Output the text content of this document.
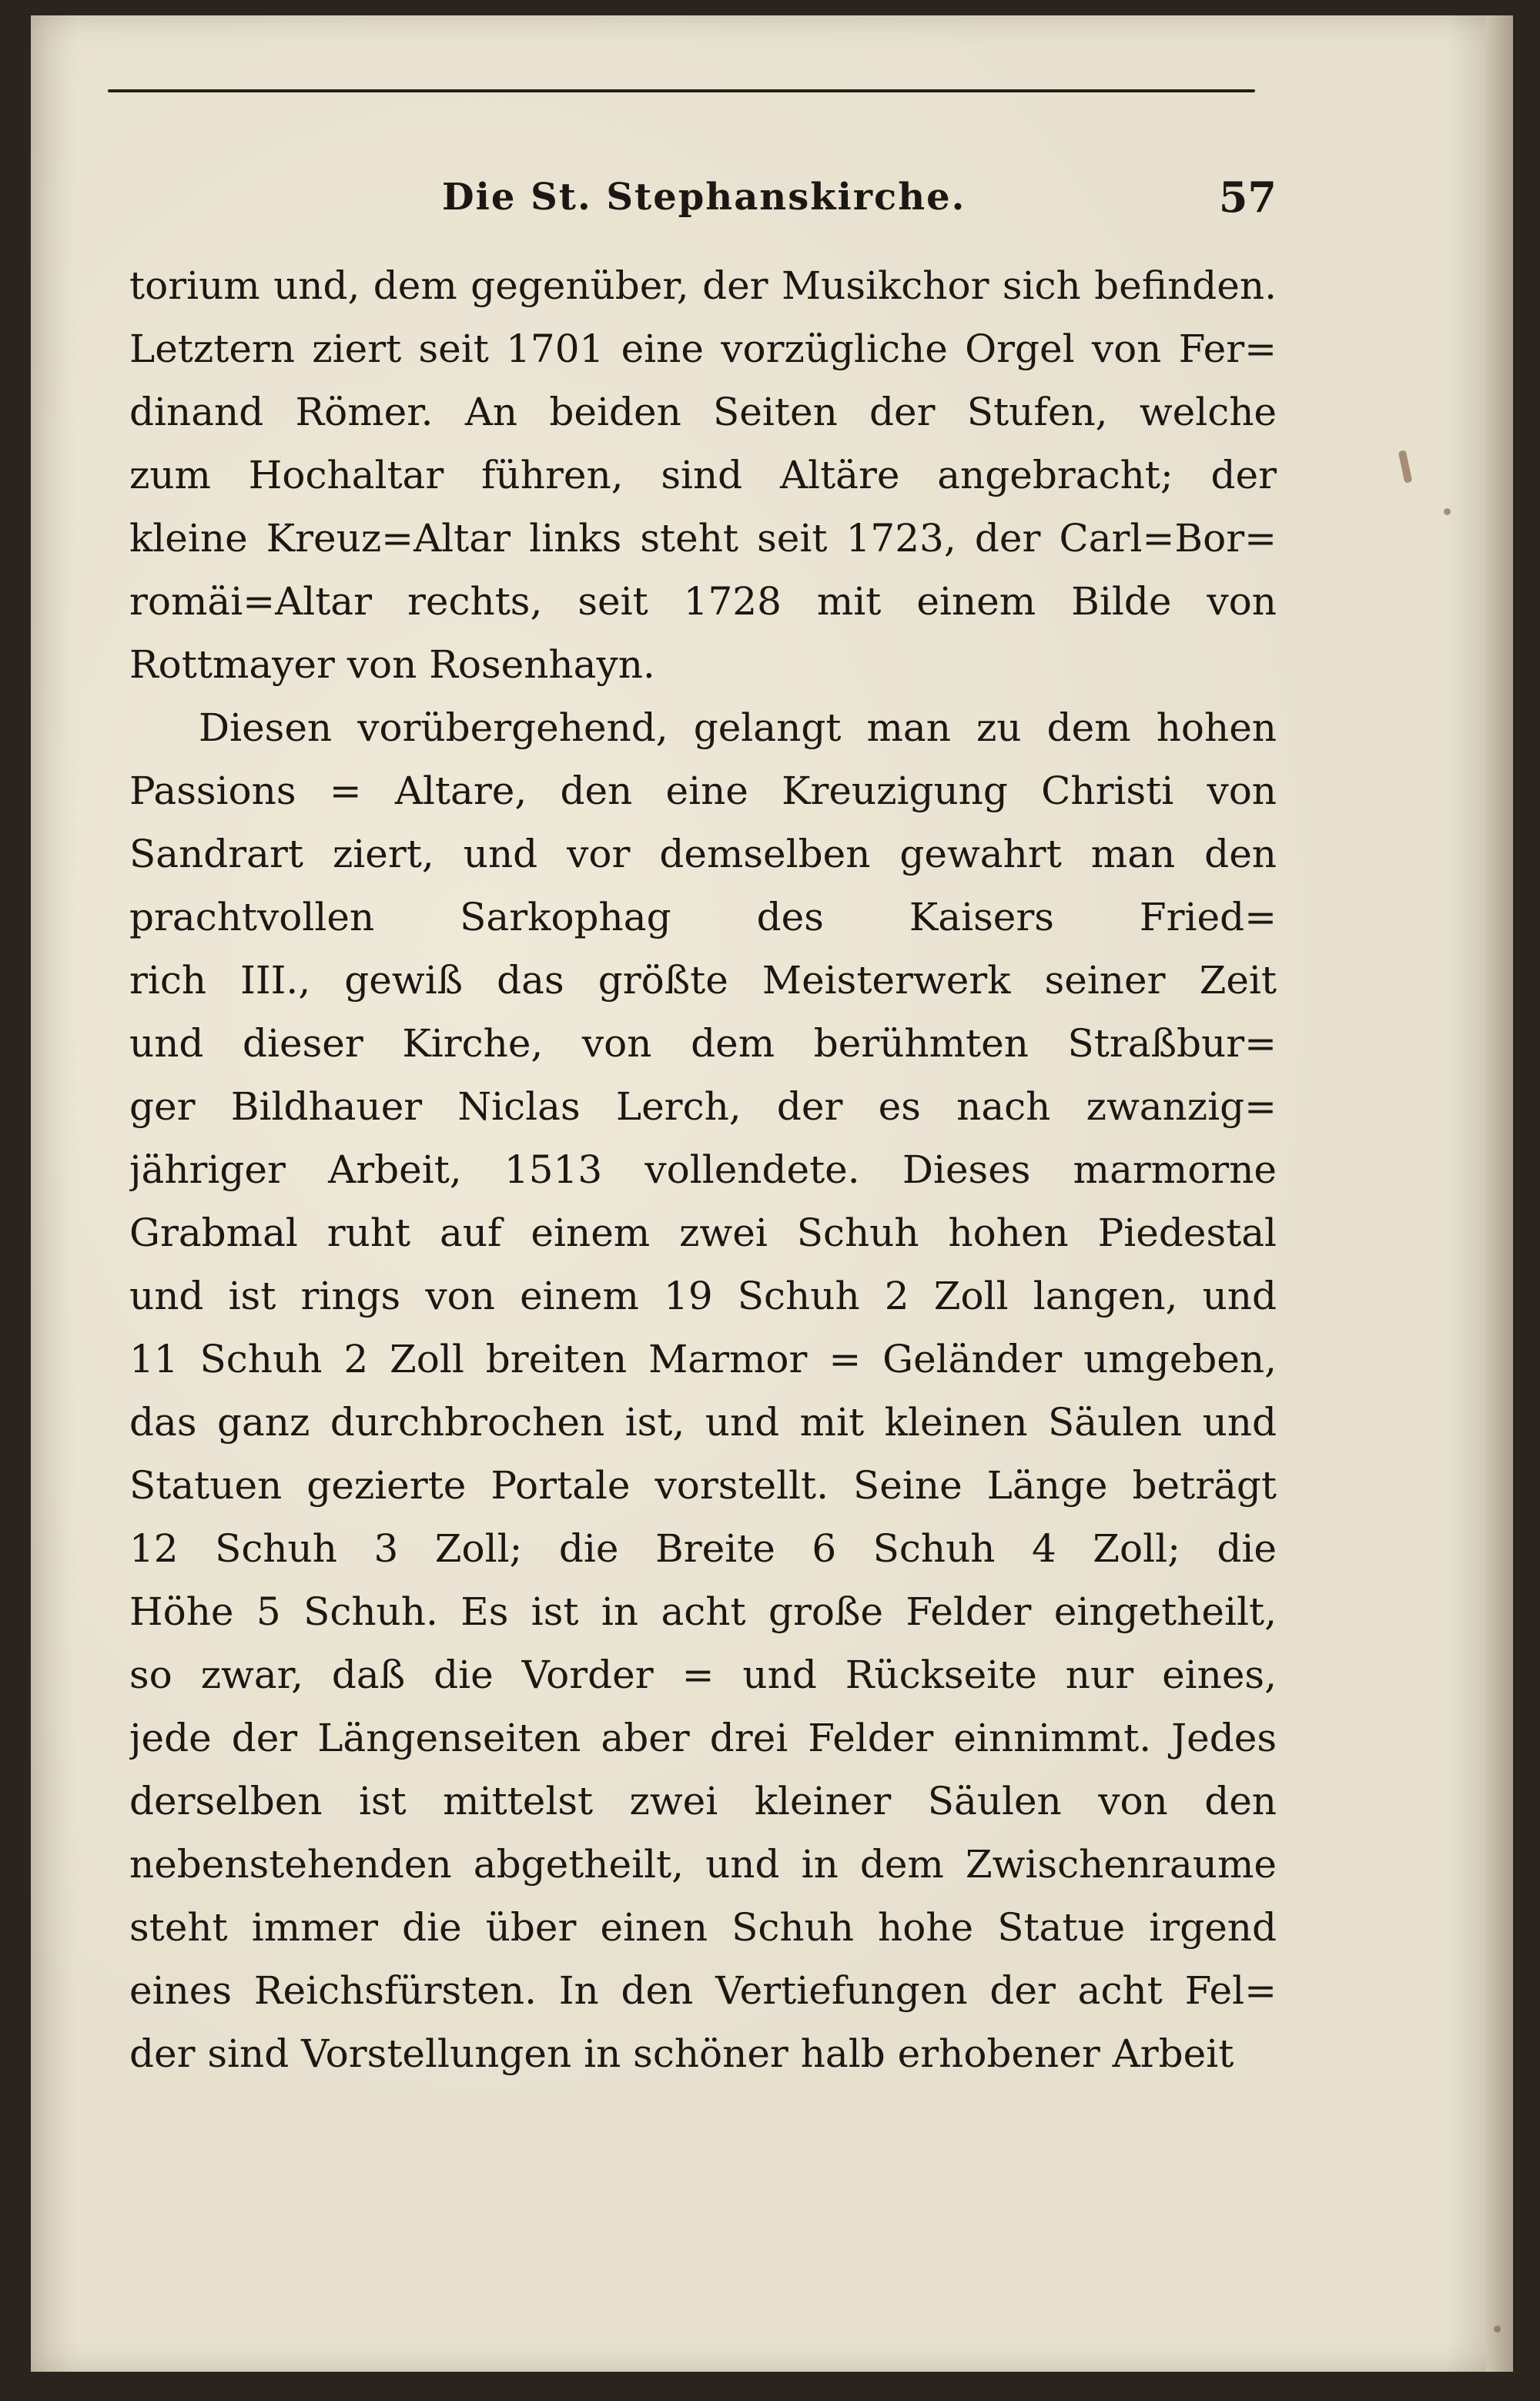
Die St. Stephanskirche.	57
torium und, dem gegenüber, der Musikchor sich befinden.
Letztern ziert seit 1701 eine vorzügliche Orgel von Fer=
dinand Römer. An beiden Seiten der Stufen, welche
zum Hochaltar führen, sind Altäre angebracht; der
kleine Kreuz=Altar links steht seit 1723, der Carl=Bor=
romäi=Altar rechts, seit 1728 mit einem Bilde von
Rottmayer von Rosenhayn.
Diesen vorübergehend, gelangt man zu dem hohen
Passions = Altare, den eine Kreuzigung Christi von
Sandrart ziert, und vor demselben gewahrt man den
prachtvollen Sarkophag des Kaisers Fried=
rich III., gewiß das größte Meisterwerk seiner Zeit
und dieser Kirche, von dem berühmten Straßbur=
ger Bildhauer Niclas Lerch, der es nach zwanzig=
jähriger Arbeit, 1513 vollendete. Dieses marmorne
Grabmal ruht auf einem zwei Schuh hohen Piedestal
und ist rings von einem 19 Schuh 2 Zoll langen, und
11 Schuh 2 Zoll breiten Marmor = Geländer umgeben,
das ganz durchbrochen ist, und mit kleinen Säulen und
Statuen gezierte Portale vorstellt. Seine Länge beträgt
12 Schuh 3 Zoll; die Breite 6 Schuh 4 Zoll; die
Höhe 5 Schuh. Es ist in acht große Felder eingetheilt,
so zwar, daß die Vorder = und Rückseite nur eines,
jede der Längenseiten aber drei Felder einnimmt. Jedes
derselben ist mittelst zwei kleiner Säulen von den
nebenstehenden abgetheilt, und in dem Zwischenraume
steht immer die über einen Schuh hohe Statue irgend
eines Reichsfürsten. In den Vertiefungen der acht Fel=
der sind Vorstellungen in schöner halb erhobener Arbeit
